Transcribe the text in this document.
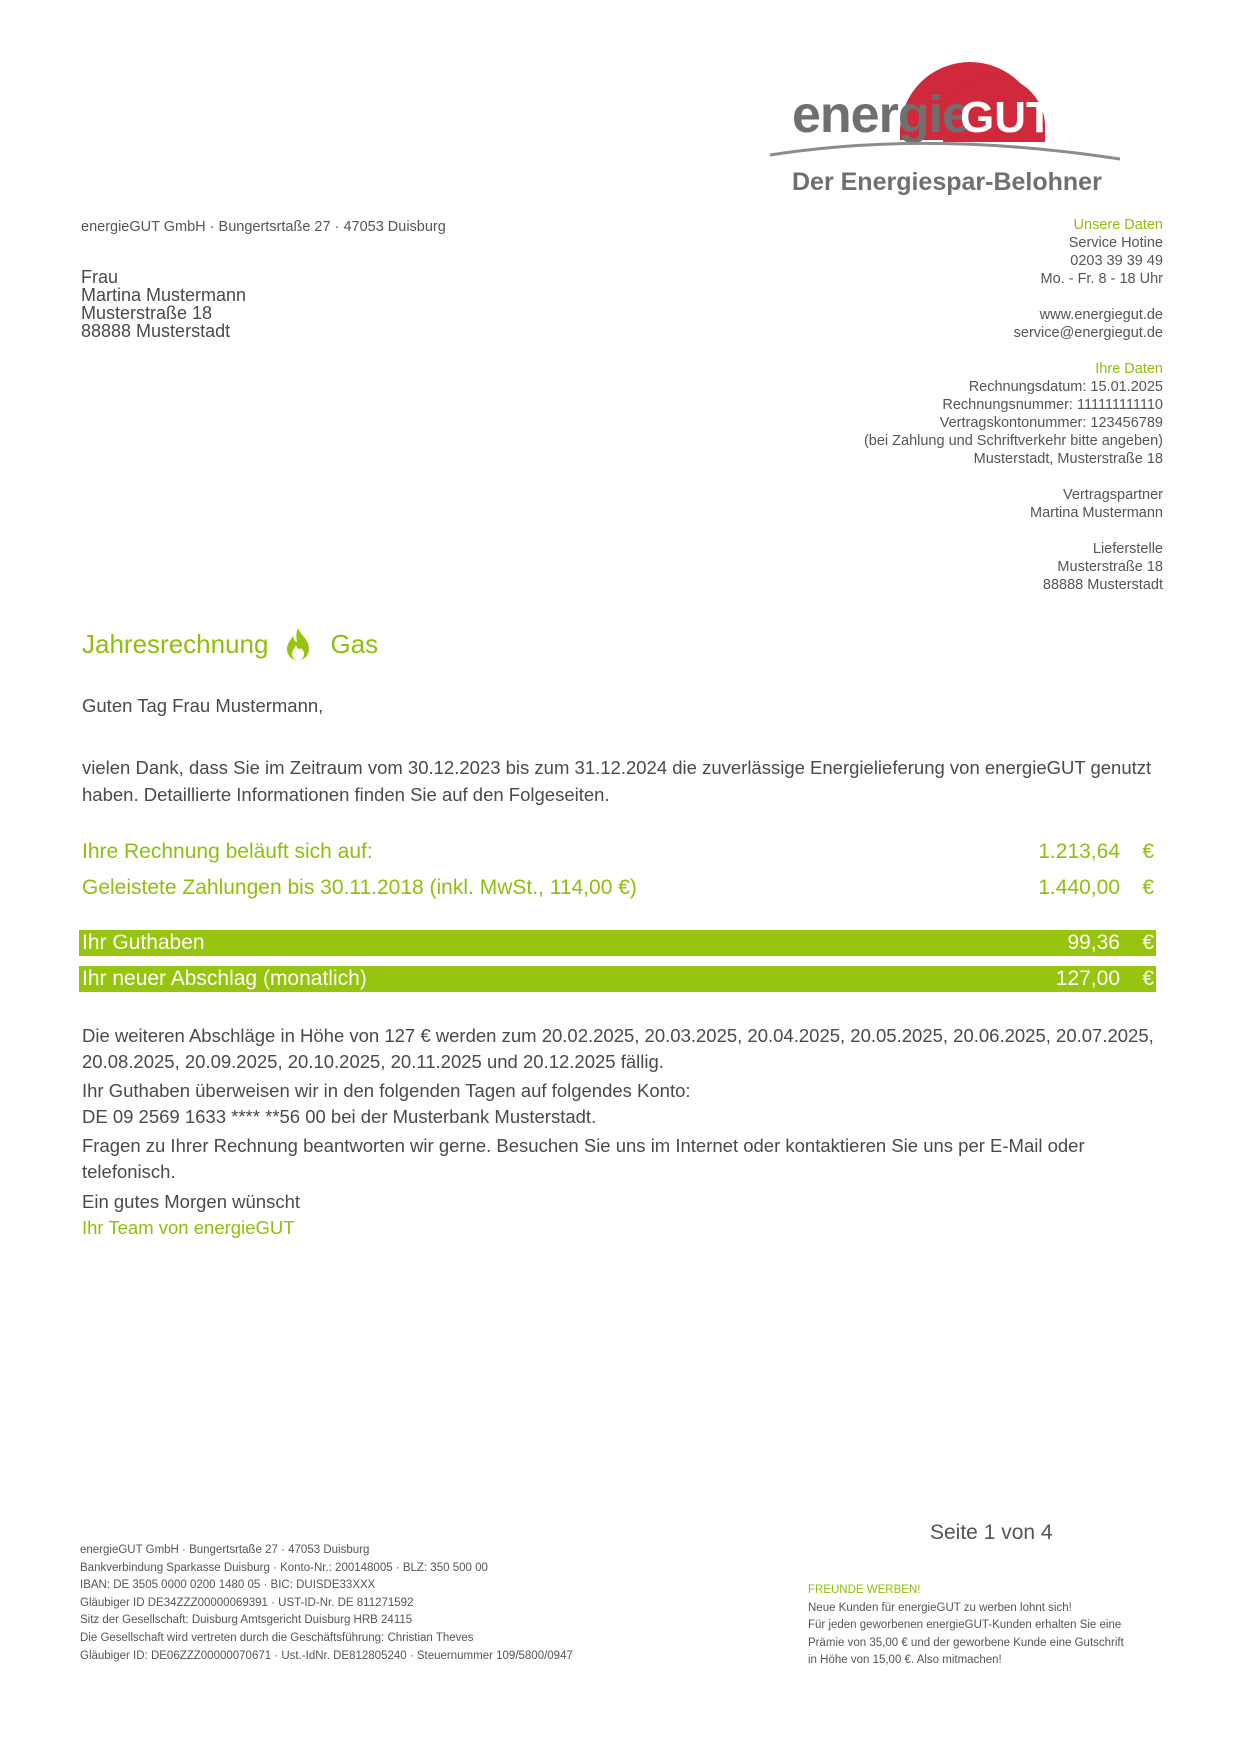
energie
GUT
Der Energiespar-Belohner
energieGUT GmbH · Bungertsrtaße 27 · 47053 Duisburg
Frau
Martina Mustermann
Musterstraße 18
88888 Musterstadt
Unsere Daten
Service Hotine
0203 39 39 49
Mo. - Fr. 8 - 18 Uhr
www.energiegut.de
service@energiegut.de
Ihre Daten
Rechnungsdatum: 15.01.2025
Rechnungsnummer: 111111111110
Vertragskontonummer: 123456789
(bei Zahlung und Schriftverkehr bitte angeben)
Musterstadt, Musterstraße 18
Vertragspartner
Martina Mustermann
Lieferstelle
Musterstraße 18
88888 Musterstadt
Jahresrechnung Gas
Guten Tag Frau Mustermann,
vielen Dank, dass Sie im Zeitraum vom 30.12.2023 bis zum 31.12.2024 die zuverlässige Energielieferung von energieGUT genutzt haben. Detaillierte Informationen finden Sie auf den Folgeseiten.
Ihre Rechnung beläuft sich auf:	1.213,64	€
Geleistete Zahlungen bis 30.11.2018 (inkl. MwSt., 114,00 €)	1.440,00	€
Ihr Guthaben	99,36	€
Ihr neuer Abschlag (monatlich)	127,00	€

Die weiteren Abschläge in Höhe von 127 € werden zum 20.02.2025, 20.03.2025, 20.04.2025, 20.05.2025, 20.06.2025, 20.07.2025, 20.08.2025, 20.09.2025, 20.10.2025, 20.11.2025 und 20.12.2025 fällig.

Ihr Guthaben überweisen wir in den folgenden Tagen auf folgendes Konto:
DE 09 2569 1633 **** **56 00 bei der Musterbank Musterstadt.

Fragen zu Ihrer Rechnung beantworten wir gerne. Besuchen Sie uns im Internet oder kontaktieren Sie uns per E-Mail oder telefonisch.

Ein gutes Morgen wünscht
Ihr Team von energieGUT
Seite 1 von 4
energieGUT GmbH · Bungertsrtaße 27 · 47053 Duisburg
Bankverbindung Sparkasse Duisburg · Konto-Nr.: 200148005 · BLZ: 350 500 00
IBAN: DE 3505 0000 0200 1480 05 · BIC: DUISDE33XXX
Gläubiger ID DE34ZZZ00000069391 · UST-ID-Nr. DE 811271592
Sitz der Gesellschaft: Duisburg Amtsgericht Duisburg HRB 24115
Die Gesellschaft wird vertreten durch die Geschäftsführung: Christian Theves
Gläubiger ID: DE06ZZZ00000070671 · Ust.-IdNr. DE812805240 · Steuernummer 109/5800/0947
FREUNDE WERBEN!
Neue Kunden für energieGUT zu werben lohnt sich!
Für jeden geworbenen energieGUT-Kunden erhalten Sie eine
Prämie von 35,00 € und der geworbene Kunde eine Gutschrift
in Höhe von 15,00 €. Also mitmachen!
